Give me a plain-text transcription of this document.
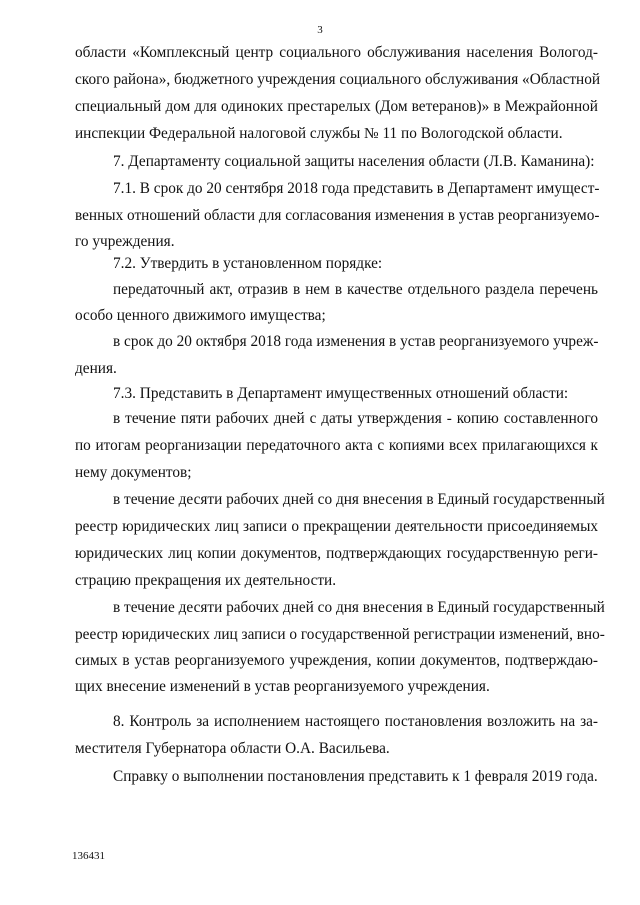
3
области «Комплексный центр социального обслуживания населения Вологод-
ского района», бюджетного учреждения социального обслуживания «Областной
специальный дом для одиноких престарелых (Дом ветеранов)» в Межрайонной
инспекции Федеральной налоговой службы № 11 по Вологодской области.
7. Департаменту социальной защиты населения области (Л.В. Каманина):
7.1. В срок до 20 сентября 2018 года представить в Департамент имущест-
венных отношений области для согласования изменения в устав реорганизуемо-
го учреждения.
7.2. Утвердить в установленном порядке:
передаточный акт, отразив в нем в качестве отдельного раздела перечень
особо ценного движимого имущества;
в срок до 20 октября 2018 года изменения в устав реорганизуемого учреж-
дения.
7.3. Представить в Департамент имущественных отношений области:
в течение пяти рабочих дней с даты утверждения - копию составленного
по итогам реорганизации передаточного акта с копиями всех прилагающихся к
нему документов;
в течение десяти рабочих дней со дня внесения в Единый государственный
реестр юридических лиц записи о прекращении деятельности присоединяемых
юридических лиц копии документов, подтверждающих государственную реги-
страцию прекращения их деятельности.
в течение десяти рабочих дней со дня внесения в Единый государственный
реестр юридических лиц записи о государственной регистрации изменений, вно-
симых в устав реорганизуемого учреждения, копии документов, подтверждаю-
щих внесение изменений в устав реорганизуемого учреждения.
8. Контроль за исполнением настоящего постановления возложить на за-
местителя Губернатора области О.А. Васильева.
Справку о выполнении постановления представить к 1 февраля 2019 года.
136431
